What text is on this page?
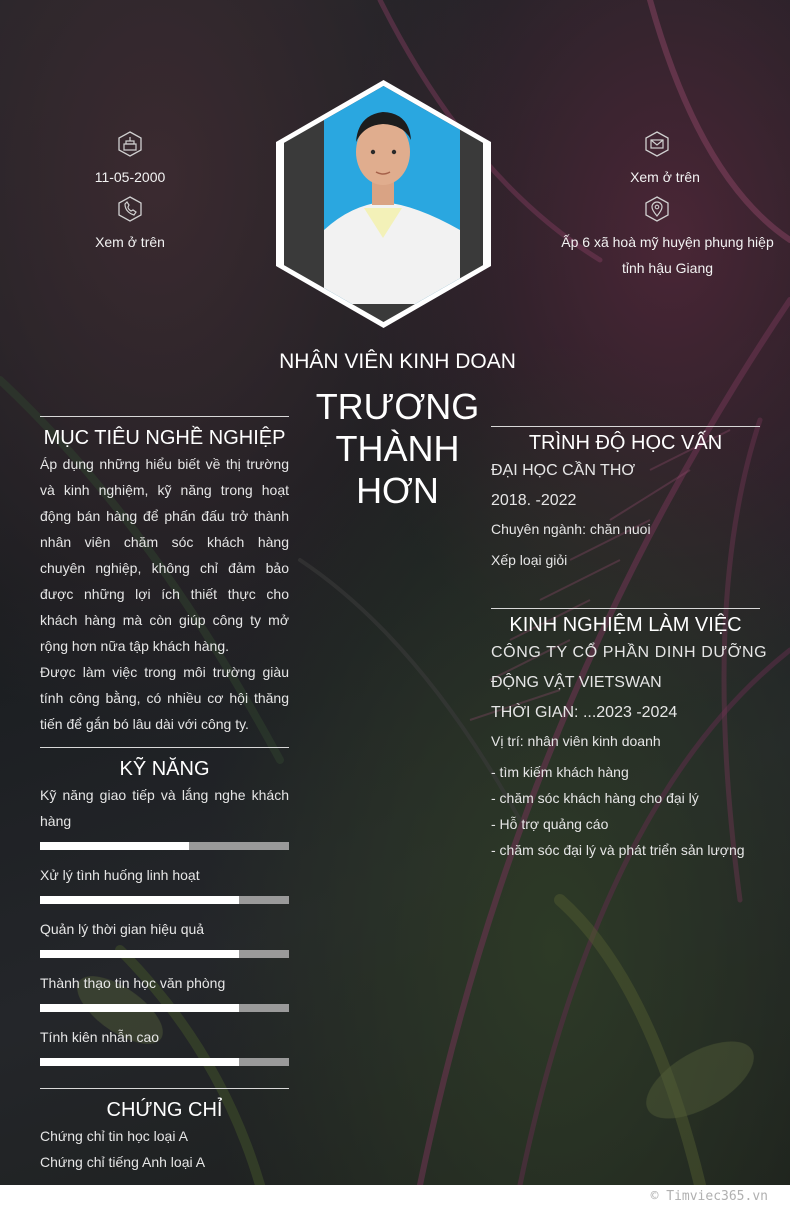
11-05-2000
Xem ở trên
Xem ở trên
Ấp 6 xã hoà mỹ huyện phụng hiệp
tỉnh hậu Giang
NHÂN VIÊN KINH DOAN
TRƯƠNG
THÀNH
HƠN
MỤC TIÊU NGHỀ NGHIỆP
Áp dụng những hiểu biết về thị trường và kinh nghiệm, kỹ năng trong hoạt động bán hàng để phấn đấu trở thành nhân viên chăm sóc khách hàng chuyên nghiệp, không chỉ đảm bảo được những lợi ích thiết thực cho khách hàng mà còn giúp công ty mở rộng hơn nữa tập khách hàng.
Được làm việc trong môi trường giàu tính công bằng, có nhiều cơ hội thăng tiến để gắn bó lâu dài với công ty.
KỸ NĂNG
Kỹ năng giao tiếp và lắng nghe khách hàng
Xử lý tình huống linh hoạt
Quản lý thời gian hiệu quả
Thành thạo tin học văn phòng
Tính kiên nhẫn cao
CHỨNG CHỈ
Chứng chỉ tin học loại A
Chứng chỉ tiếng Anh loại A
TRÌNH ĐỘ HỌC VẤN
ĐẠI HỌC CẦN THƠ
2018. -2022
Chuyên ngành: chăn nuoi
Xếp loại giỏi
KINH NGHIỆM LÀM VIỆC
CÔNG TY CỔ PHẦN DINH DƯỠNG
ĐỘNG VẬT VIETSWAN
THỜI GIAN: ...2023 -2024
Vị trí: nhân viên kinh doanh
- tìm kiếm khách hàng
- chăm sóc khách hàng cho đại lý
- Hỗ trợ quảng cáo
- chăm sóc đại lý và phát triển sản lượng
© Timviec365.vn
